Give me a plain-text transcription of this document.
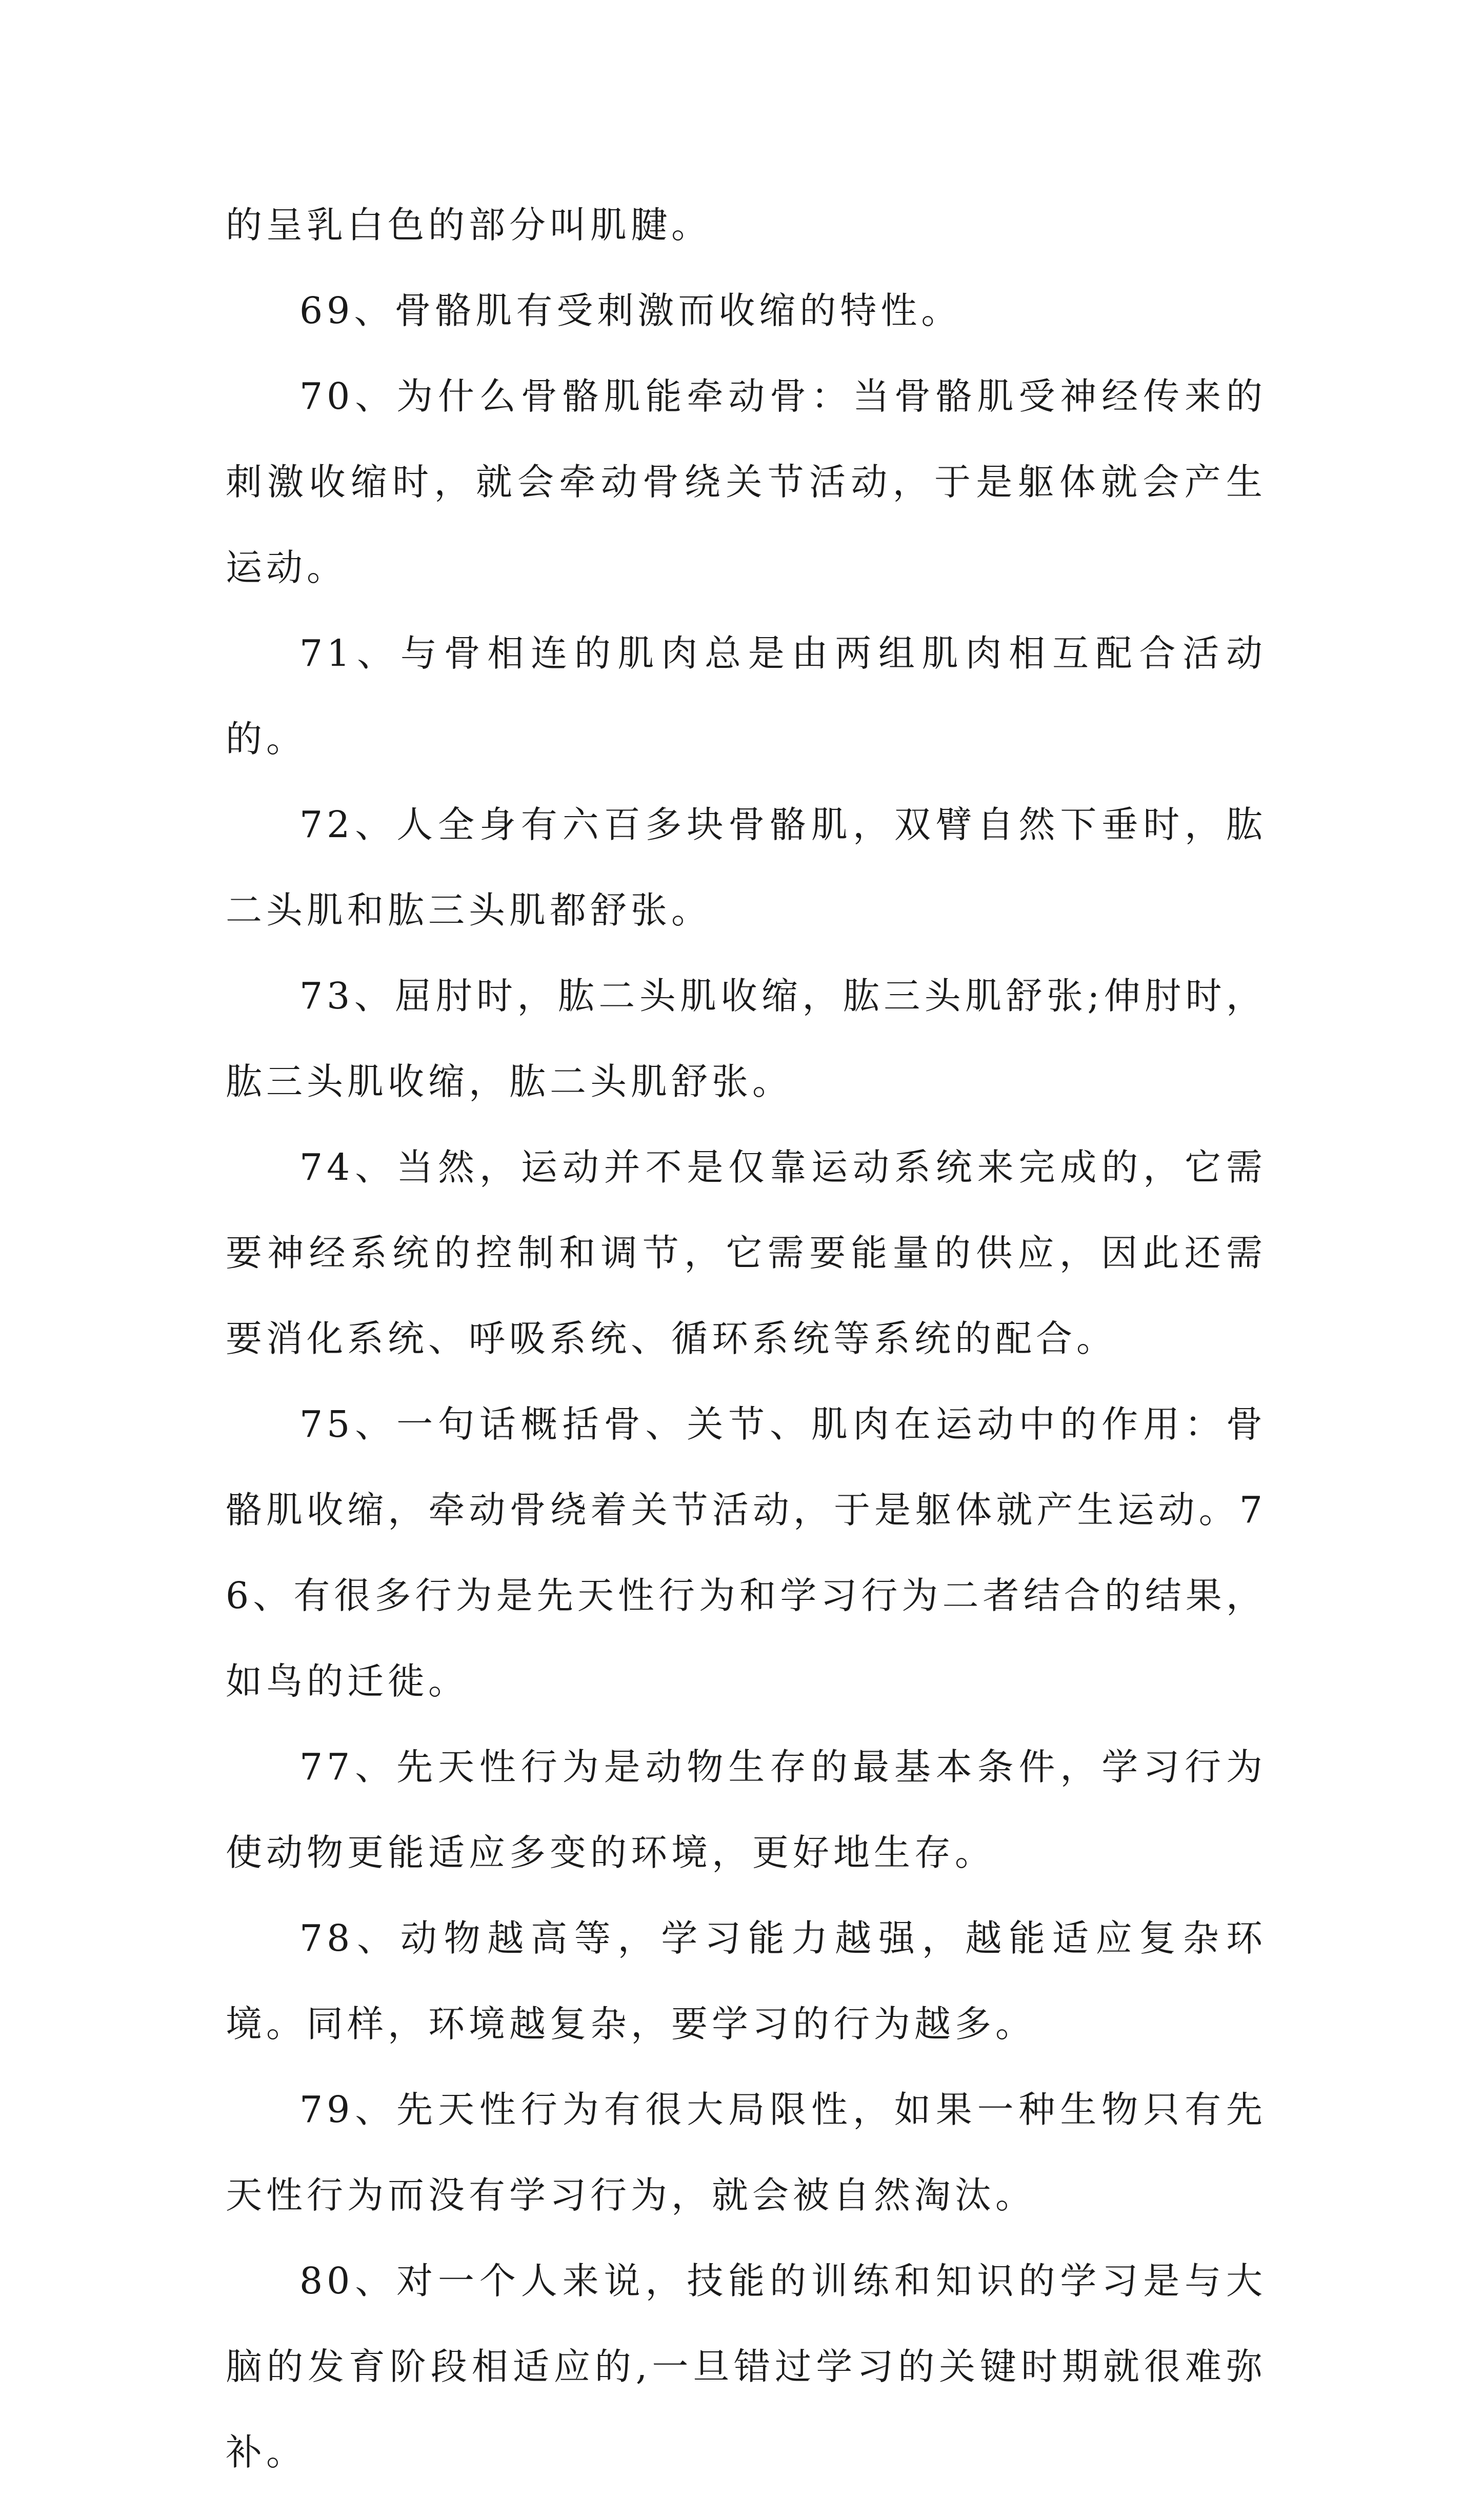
的呈乳白色的部分叫肌腱。

69、骨骼肌有受刺激而收缩的特性。

70、为什么骨骼肌能牵动骨：当骨骼肌受神经传来的刺激收缩时，就会牵动骨绕关节活动，于是躯体就会产生运动。

71、与骨相连的肌肉总是由两组肌肉相互配合活动的。

72、人全身有六百多块骨骼肌，双臂自然下垂时，肱二头肌和肱三头肌都舒张。

73、屈肘时，肱二头肌收缩，肱三头肌舒张;伸肘时，肱三头肌收缩，肱二头肌舒张。

74、当然，运动并不是仅靠运动系统来完成的，它需要神经系统的控制和调节，它需要能量的供应，因此还需要消化系统、呼吸系统、循环系统等系统的配合。

75、一句话概括骨、关节、肌肉在运动中的作用：骨骼肌收缩，牵动骨绕着关节活动，于是躯体就产生运动。76、有很多行为是先天性行为和学习行为二者结合的结果，如鸟的迁徙。

77、先天性行为是动物生存的最基本条件，学习行为使动物更能适应多变的环境，更好地生存。

78、动物越高等，学习能力越强，越能适应复杂环境。同样，环境越复杂，要学习的行为越多。

79、先天性行为有很大局限性，如果一种生物只有先天性行为而没有学习行为，就会被自然淘汰。

80、对一个人来说，技能的训练和知识的学习是与大脑的发育阶段相适应的,一旦错过学习的关键时期就很难弥补。
